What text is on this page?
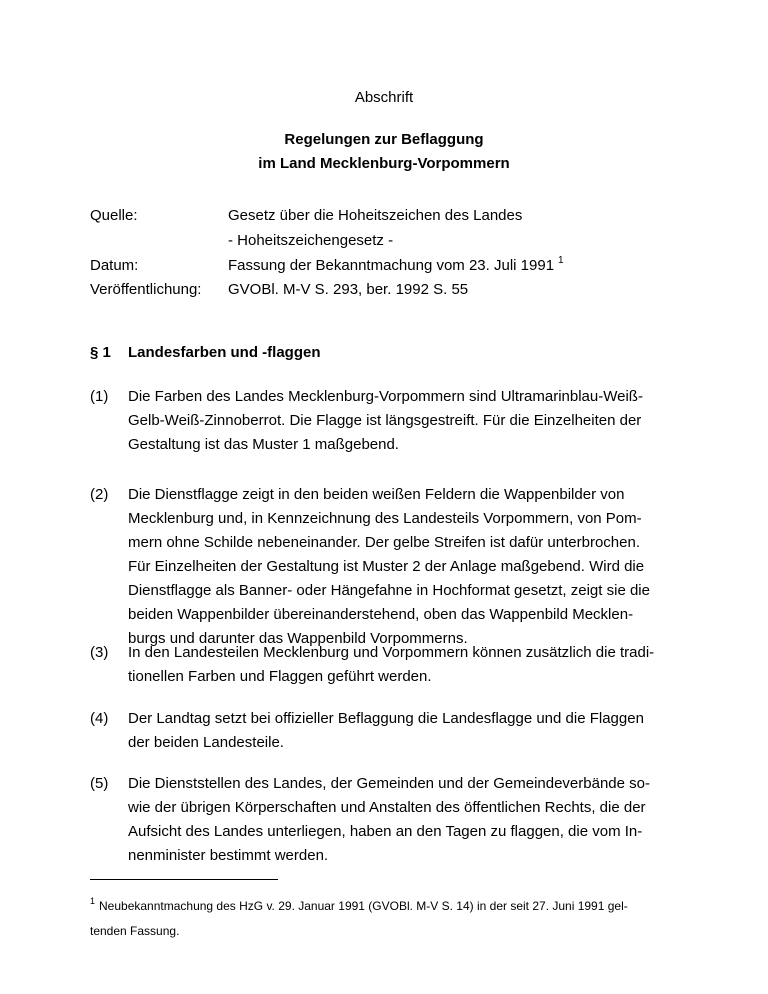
Abschrift
Regelungen zur Beflaggung
im Land Mecklenburg-Vorpommern
Quelle:	Gesetz über die Hoheitszeichen des Landes
- Hoheitszeichengesetz -
Datum:	Fassung der Bekanntmachung vom 23. Juli 1991 $^1$
Veröffentlichung: GVOBl. M-V S. 293, ber. 1992 S. 55
§ 1 Landesfarben und -flaggen
(1) Die Farben des Landes Mecklenburg-Vorpommern sind Ultramarinblau-Weiß-
Gelb-Weiß-Zinnoberrot. Die Flagge ist längsgestreift. Für die Einzelheiten der
Gestaltung ist das Muster 1 maßgebend.
(2) Die Dienstflagge zeigt in den beiden weißen Feldern die Wappenbilder von
Mecklenburg und, in Kennzeichnung des Landesteils Vorpommern, von Pom-
mern ohne Schilde nebeneinander. Der gelbe Streifen ist dafür unterbrochen.
Für Einzelheiten der Gestaltung ist Muster 2 der Anlage maßgebend. Wird die
Dienstflagge als Banner- oder Hängefahne in Hochformat gesetzt, zeigt sie die
beiden Wappenbilder übereinanderstehend, oben das Wappenbild Mecklen-
burgs und darunter das Wappenbild Vorpommerns.
(3) In den Landesteilen Mecklenburg und Vorpommern können zusätzlich die tradi-
tionellen Farben und Flaggen geführt werden.
(4) Der Landtag setzt bei offizieller Beflaggung die Landesflagge und die Flaggen
der beiden Landesteile.
(5) Die Dienststellen des Landes, der Gemeinden und der Gemeindeverbände so-
wie der übrigen Körperschaften und Anstalten des öffentlichen Rechts, die der
Aufsicht des Landes unterliegen, haben an den Tagen zu flaggen, die vom In-
nenminister bestimmt werden.
$^1$ Neubekanntmachung des HzG v. 29. Januar 1991 (GVOBl. M-V S. 14) in der seit 27. Juni 1991 gel-
tenden Fassung.
